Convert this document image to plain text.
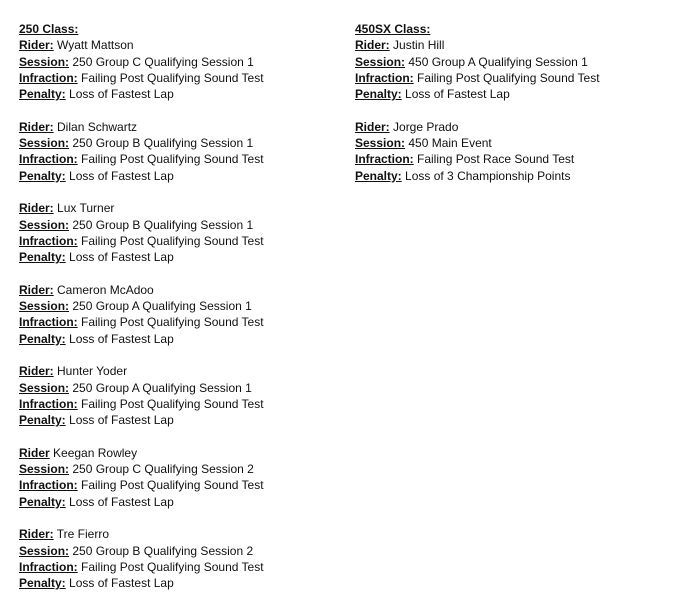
250 Class:
Rider: Wyatt Mattson
Session: 250 Group C Qualifying Session 1
Infraction: Failing Post Qualifying Sound Test
Penalty: Loss of Fastest Lap
Rider: Dilan Schwartz
Session: 250 Group B Qualifying Session 1
Infraction: Failing Post Qualifying Sound Test
Penalty: Loss of Fastest Lap
Rider: Lux Turner
Session: 250 Group B Qualifying Session 1
Infraction: Failing Post Qualifying Sound Test
Penalty: Loss of Fastest Lap
Rider: Cameron McAdoo
Session: 250 Group A Qualifying Session 1
Infraction: Failing Post Qualifying Sound Test
Penalty: Loss of Fastest Lap
Rider: Hunter Yoder
Session: 250 Group A Qualifying Session 1
Infraction: Failing Post Qualifying Sound Test
Penalty: Loss of Fastest Lap
Rider Keegan Rowley
Session: 250 Group C Qualifying Session 2
Infraction: Failing Post Qualifying Sound Test
Penalty: Loss of Fastest Lap
Rider: Tre Fierro
Session: 250 Group B Qualifying Session 2
Infraction: Failing Post Qualifying Sound Test
Penalty: Loss of Fastest Lap
450SX Class:
Rider: Justin Hill
Session: 450 Group A Qualifying Session 1
Infraction: Failing Post Qualifying Sound Test
Penalty: Loss of Fastest Lap
Rider: Jorge Prado
Session: 450 Main Event
Infraction: Failing Post Race Sound Test
Penalty: Loss of 3 Championship Points
